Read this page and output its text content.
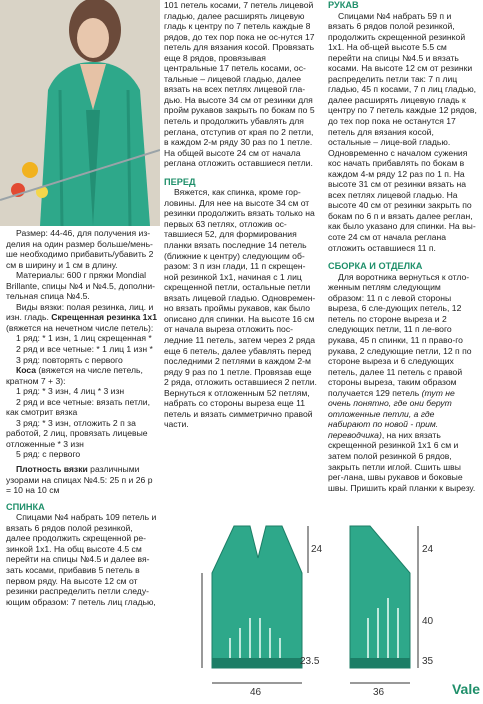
Размер: 44-46, для получения из-делия на один размер больше/мень-ше необходимо прибавить/убавить 2 см в ширину и 1 см в длину.

Материалы: 600 г пряжи Mondial Brillante, спицы №4 и №4.5, дополни-тельная спица №4.5.

Виды вязки: полая резинка, лиц. и изн. гладь. Скрещенная резинка 1х1 (вяжется на нечетном числе петель):

1 ряд: * 1 изн, 1 лиц скрещенная *

2 ряд и все четные: * 1 лиц 1 изн *

3 ряд: повторять с первого

Коса (вяжется на числе петель, кратном 7 + 3):

1 ряд: * 3 изн, 4 лиц * 3 изн

2 ряд и все четные: вязать петли, как смотрит вязка

3 ряд: * 3 изн, отложить 2 п за работой, 2 лиц, провязать лицевые отложенные * 3 изн

5 ряд: с первого

Плотность вязки различными узорами на спицах №4.5: 25 п и 26 р = 10 на 10 см

СПИНКА

Спицами №4 набрать 109 петель и вязать 6 рядов полой резинкой, далее продолжить скрещенной ре-зинкой 1х1. На общ высоте 4.5 см перейти на спицы №4.5 и далее вя-зать косами, прибавив 5 петель в первом ряду. На высоте 12 см от резинки распределить петли следу-ющим образом: 7 петель лиц гладью,

101 петель косами, 7 петель лицевой гладью, далее расширять лицевую гладь к центру по 7 петель каждые 8 рядов, до тех пор пока не ос-нутся 17 петель для вязания косой. Провязать еще 8 рядов, провязывая центральные 17 петель косами, ос-тальные – лицевой гладью, далее вязать на всех петлях лицевой гла-дью. На высоте 34 см от резинки для пройм рукавов закрыть по бокам по 5 петель и продолжить убавлять для реглана, отступив от края по 2 петли, в каждом 2-м ряду 30 раз по 1 петле. На общей высоте 24 см от начала реглана отложить оставшиеся петли.

ПЕРЕД

Вяжется, как спинка, кроме гор-ловины. Для нее на высоте 34 см от резинки продолжить вязать только на первых 63 петлях, отложив ос-тавшиеся 52, для формирования планки вязать последние 14 петель (ближние к центру) следующим об-разом: 3 п изн глади, 11 п скрещен-ной резинкой 1х1, начиная с 1 лиц скрещенной петли, остальные петли вязать лицевой гладью. Одновремен-но вязать проймы рукавов, как было описано для спинки. На высоте 16 см от начала выреза отложить пос-ледние 11 петель, затем через 2 ряда еще 6 петель, далее убавлять перед последними 2 петлями в каждом 2-м ряду 9 раз по 1 петле. Провязав еще 2 ряда, отложить оставшиеся 2 петли. Вернуться к отложенным 52 петлям, набрать со стороны выреза еще 11 петель и вязать симметрично правой части.

РУКАВ

Спицами №4 набрать 59 п и вязать 6 рядов полой резинкой, продолжить скрещенной резинкой 1х1. На об-щей высоте 5.5 см перейти на спицы №4.5 и вязать косами. На высоте 12 см от резинки распределить петли так: 7 п лиц гладью, 45 п косами, 7 п лиц гладью, далее расширять лицевую гладь к центру по 7 петель каждые 12 рядов, до тех пор пока не останутся 17 петель для вязания косой, остальные – лице-вой гладью. Одновременно с началом сужения кос начать прибавлять по бокам в каждом 4-м ряду 12 раз по 1 п. На высоте 31 см от резинки вязать на всех петлях лицевой гладью. На высоте 40 см от резинки закрыть по бокам по 6 п и вязать далее реглан, как было указано для спинки. На вы-соте 24 см от начала реглана отложить оставшиеся 11 п.

СБОРКА И ОТДЕЛКА

Для воротника вернуться к отло-женным петлям следующим образом: 11 п с левой стороны выреза, 6 сле-дующих петель, 12 петель по стороне выреза и 2 следующих петли, 11 п ле-вого рукава, 45 п спинки, 11 п право-го рукава, 2 следующие петли, 12 п по стороне выреза и 6 следующих петель, далее 11 петель с правой стороны выреза, таким образом получается 129 петель (тут не очень понятно, где они берут отложенные петли, а где набирают по новой - прим. переводчика), на них вязать скрещенной резинкой 1х1 6 см и затем полой резинкой 6 рядов, закрыть петли иглой. Сшить швы рег-лана, швы рукавов и боковые швы. Пришить край планки к вырезу.

46
24
23.5
36
24
40
35
Vale
